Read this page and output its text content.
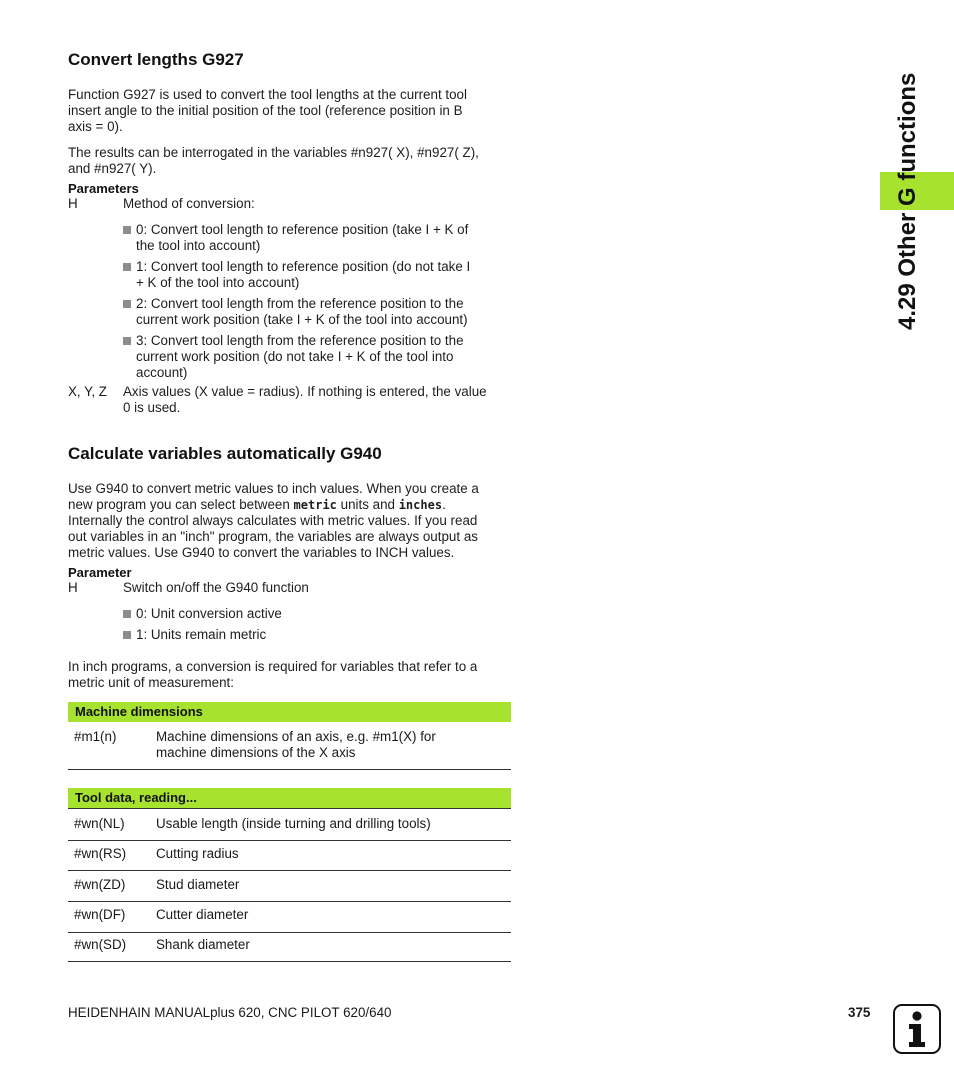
4.29 Other G functions
Convert lengths G927
Function G927 is used to convert the tool lengths at the current tool
insert angle to the initial position of the tool (reference position in B
axis = 0).
The results can be interrogated in the variables #n927( X), #n927( Z),
and #n927( Y).
Parameters
H	Method of conversion:
0: Convert tool length to reference position (take I + K of
the tool into account)
1: Convert tool length to reference position (do not take I
+ K of the tool into account)
2: Convert tool length from the reference position to the
current work position (take I + K of the tool into account)
3: Convert tool length from the reference position to the
current work position (do not take I + K of the tool into
account)
X, Y, Z Axis values (X value = radius). If nothing is entered, the value
0 is used.
Calculate variables automatically G940
Use G940 to convert metric values to inch values. When you create a
new program you can select between metric units and inches.
Internally the control always calculates with metric values. If you read
out variables in an "inch" program, the variables are always output as
metric values. Use G940 to convert the variables to INCH values.
Parameter
H	Switch on/off the G940 function
0: Unit conversion active
1: Units remain metric
In inch programs, a conversion is required for variables that refer to a
metric unit of measurement:
Machine dimensions
#m1(n)	Machine dimensions of an axis, e.g. #m1(X) for
machine dimensions of the X axis
Tool data, reading...
#wn(NL) Usable length (inside turning and drilling tools)
#wn(RS) Cutting radius
#wn(ZD) Stud diameter
#wn(DF) Cutter diameter
#wn(SD) Shank diameter
HEIDENHAIN MANUALplus 620, CNC PILOT 620/640	375
